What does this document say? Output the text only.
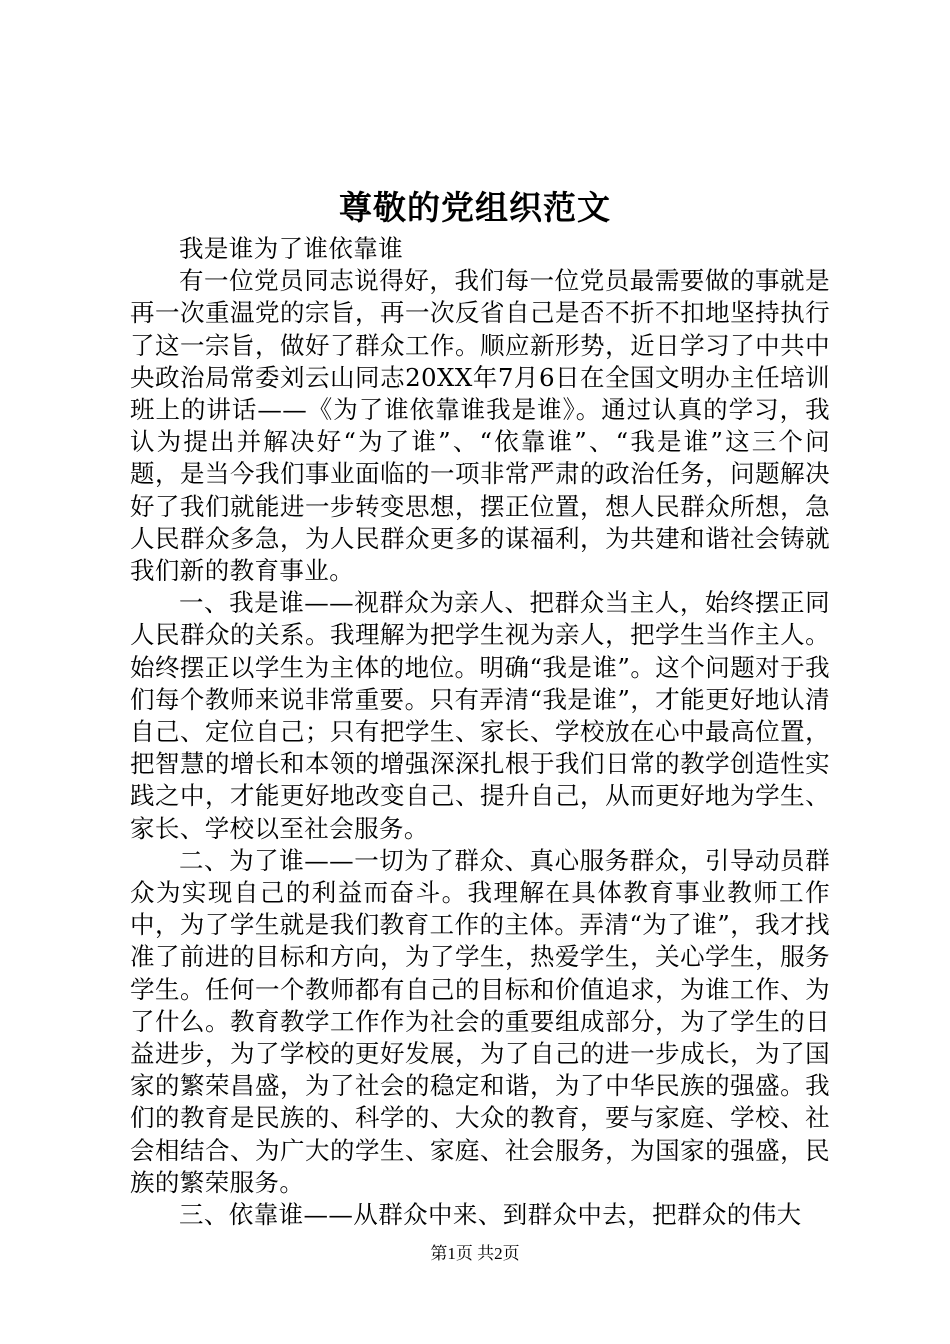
尊敬的党组织范文

我是谁为了谁依靠谁

有一位党员同志说得好，我们每一位党员最需要做的事就是再一次重温党的宗旨，再一次反省自己是否不折不扣地坚持执行了这一宗旨，做好了群众工作。顺应新形势，近日学习了中共中央政治局常委刘云山同志20XX年7月6日在全国文明办主任培训班上的讲话——《为了谁依靠谁我是谁》。通过认真的学习，我认为提出并解决好“为了谁”、“依靠谁”、“我是谁”这三个问题，是当今我们事业面临的一项非常严肃的政治任务，问题解决好了我们就能进一步转变思想，摆正位置，想人民群众所想，急人民群众多急，为人民群众更多的谋福利，为共建和谐社会铸就我们新的教育事业。

一、我是谁——视群众为亲人、把群众当主人，始终摆正同人民群众的关系。我理解为把学生视为亲人，把学生当作主人。始终摆正以学生为主体的地位。明确“我是谁”。这个问题对于我们每个教师来说非常重要。只有弄清“我是谁”，才能更好地认清自己、定位自己；只有把学生、家长、学校放在心中最高位置，把智慧的增长和本领的增强深深扎根于我们日常的教学创造性实践之中，才能更好地改变自己、提升自己，从而更好地为学生、家长、学校以至社会服务。

二、为了谁——一切为了群众、真心服务群众，引导动员群众为实现自己的利益而奋斗。我理解在具体教育事业教师工作中，为了学生就是我们教育工作的主体。弄清“为了谁”，我才找准了前进的目标和方向，为了学生，热爱学生，关心学生，服务学生。任何一个教师都有自己的目标和价值追求，为谁工作、为了什么。教育教学工作作为社会的重要组成部分，为了学生的日益进步，为了学校的更好发展，为了自己的进一步成长，为了国家的繁荣昌盛，为了社会的稳定和谐，为了中华民族的强盛。我们的教育是民族的、科学的、大众的教育，要与家庭、学校、社会相结合、为广大的学生、家庭、社会服务，为国家的强盛，民族的繁荣服务。

三、依靠谁——从群众中来、到群众中去，把群众的伟大

第1页 共2页
